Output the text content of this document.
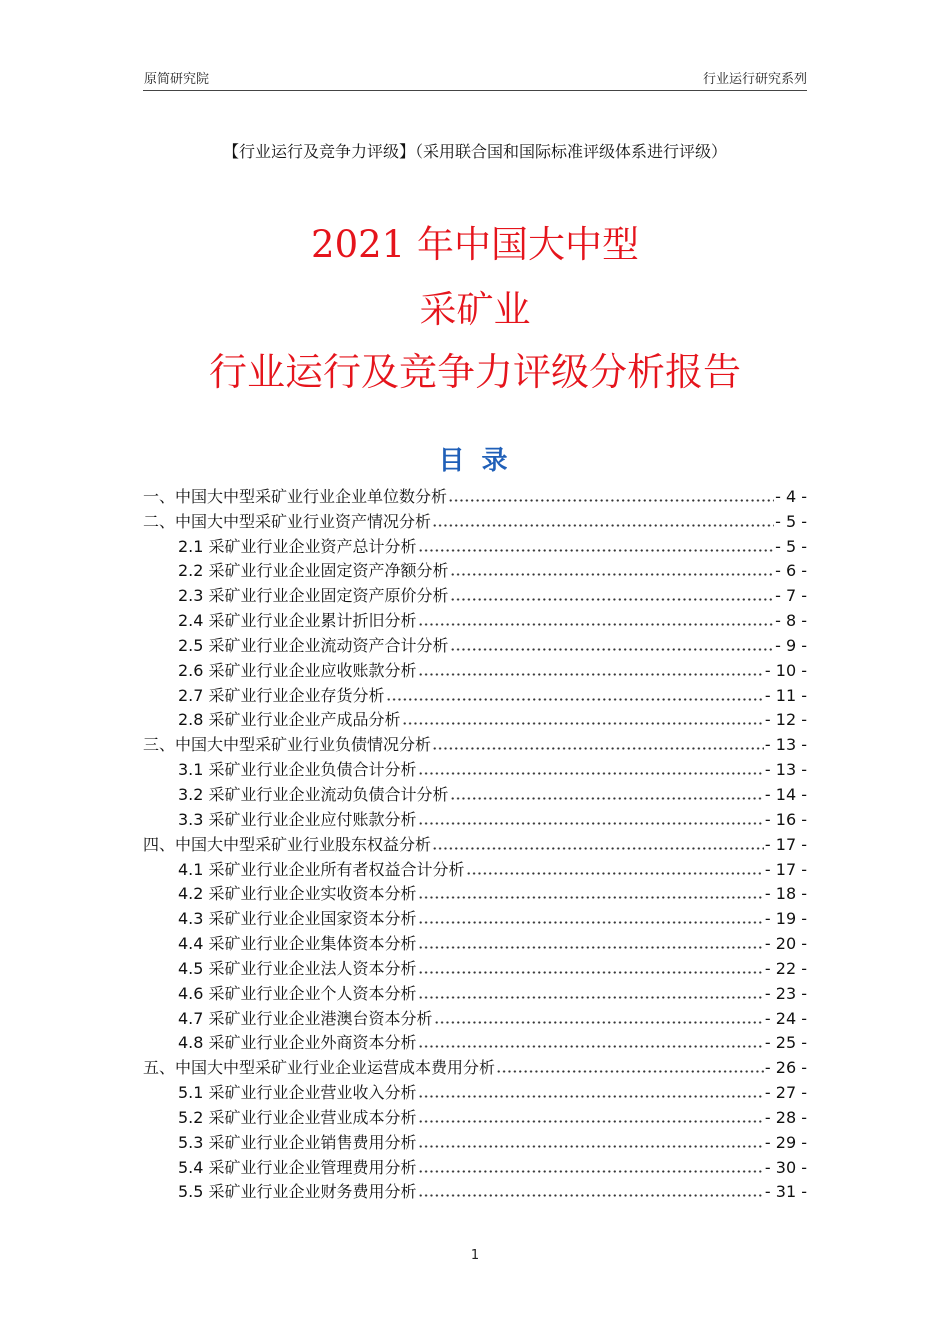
原简研究院	行业运行研究系列
【行业运行及竞争力评级】（采用联合国和国际标准评级体系进行评级）
2021 年中国大中型
采矿业
行业运行及竞争力评级分析报告
目 录
一、中国大中型采矿业行业企业单位数分析	- 4 -
二、中国大中型采矿业行业资产情况分析	- 5 -
2.1 采矿业行业企业资产总计分析	- 5 -
2.2 采矿业行业企业固定资产净额分析	- 6 -
2.3 采矿业行业企业固定资产原价分析	- 7 -
2.4 采矿业行业企业累计折旧分析	- 8 -
2.5 采矿业行业企业流动资产合计分析	- 9 -
2.6 采矿业行业企业应收账款分析	- 10 -
2.7 采矿业行业企业存货分析	- 11 -
2.8 采矿业行业企业产成品分析	- 12 -
三、中国大中型采矿业行业负债情况分析	- 13 -
3.1 采矿业行业企业负债合计分析	- 13 -
3.2 采矿业行业企业流动负债合计分析	- 14 -
3.3 采矿业行业企业应付账款分析	- 16 -
四、中国大中型采矿业行业股东权益分析	- 17 -
4.1 采矿业行业企业所有者权益合计分析	- 17 -
4.2 采矿业行业企业实收资本分析	- 18 -
4.3 采矿业行业企业国家资本分析	- 19 -
4.4 采矿业行业企业集体资本分析	- 20 -
4.5 采矿业行业企业法人资本分析	- 22 -
4.6 采矿业行业企业个人资本分析	- 23 -
4.7 采矿业行业企业港澳台资本分析	- 24 -
4.8 采矿业行业企业外商资本分析	- 25 -
五、中国大中型采矿业行业企业运营成本费用分析	- 26 -
5.1 采矿业行业企业营业收入分析	- 27 -
5.2 采矿业行业企业营业成本分析	- 28 -
5.3 采矿业行业企业销售费用分析	- 29 -
5.4 采矿业行业企业管理费用分析	- 30 -
5.5 采矿业行业企业财务费用分析	- 31 -
1
